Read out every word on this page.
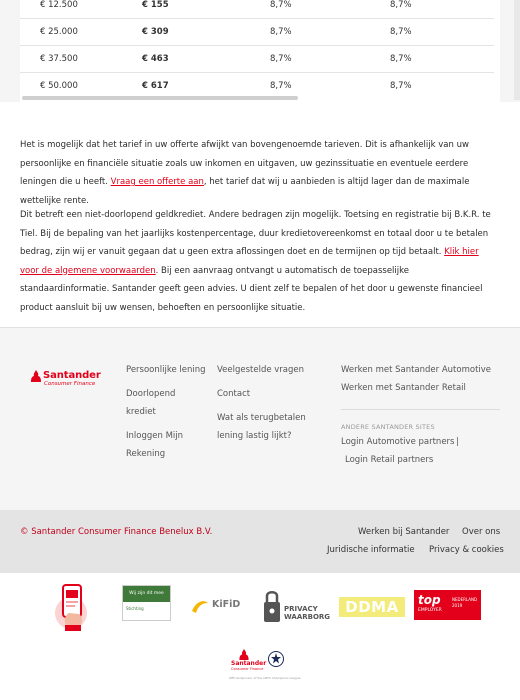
€ 12.500	€ 155	8,7%	8,7%
€ 25.000	€ 309	8,7%	8,7%
€ 37.500	€ 463	8,7%	8,7%
€ 50.000	€ 617	8,7%	8,7%

Het is mogelijk dat het tarief in uw offerte afwijkt van bovengenoemde tarieven. Dit is afhankelijk van uw persoonlijke en financiële situatie zoals uw inkomen en uitgaven, uw gezinssituatie en eventuele eerdere leningen die u heeft. Vraag een offerte aan, het tarief dat wij u aanbieden is altijd lager dan de maximale wettelijke rente.

Dit betreft een niet-doorlopend geldkrediet. Andere bedragen zijn mogelijk. Toetsing en registratie bij B.K.R. te Tiel. Bij de bepaling van het jaarlijks kostenpercentage, duur kredietovereenkomst en totaal door u te betalen bedrag, zijn wij er vanuit gegaan dat u geen extra aflossingen doet en de termijnen op tijd betaalt. Klik hier voor de algemene voorwaarden. Bij een aanvraag ontvangt u automatisch de toepasselijke standaardinformatie. Santander geeft geen advies. U dient zelf te bepalen of het door u gewenste financieel product aansluit bij uw wensen, behoeften en persoonlijke situatie.

Santander
Consumer Finance
Persoonlijke lening
Doorlopend krediet
Inloggen Mijn Rekening
Veelgestelde vragen
Contact
Wat als terugbetalen lening lastig lijkt?
Werken met Santander Automotive
Werken met Santander Retail
ANDERE SANTANDER SITES
Login Automotive partners |
Login Retail partners
© Santander Consumer Finance Benelux B.V.	Werken bij Santander Over ons
Juridische informatie Privacy & cookies
Wij zijn dit mee
Stichting	KiFiD	PRIVACY
WAARBORG
DDMA	top
EMPLOYER
NEDERLAND
2019
Santander
Consumer Finance
Official Sponsor of the UEFA Champions League
